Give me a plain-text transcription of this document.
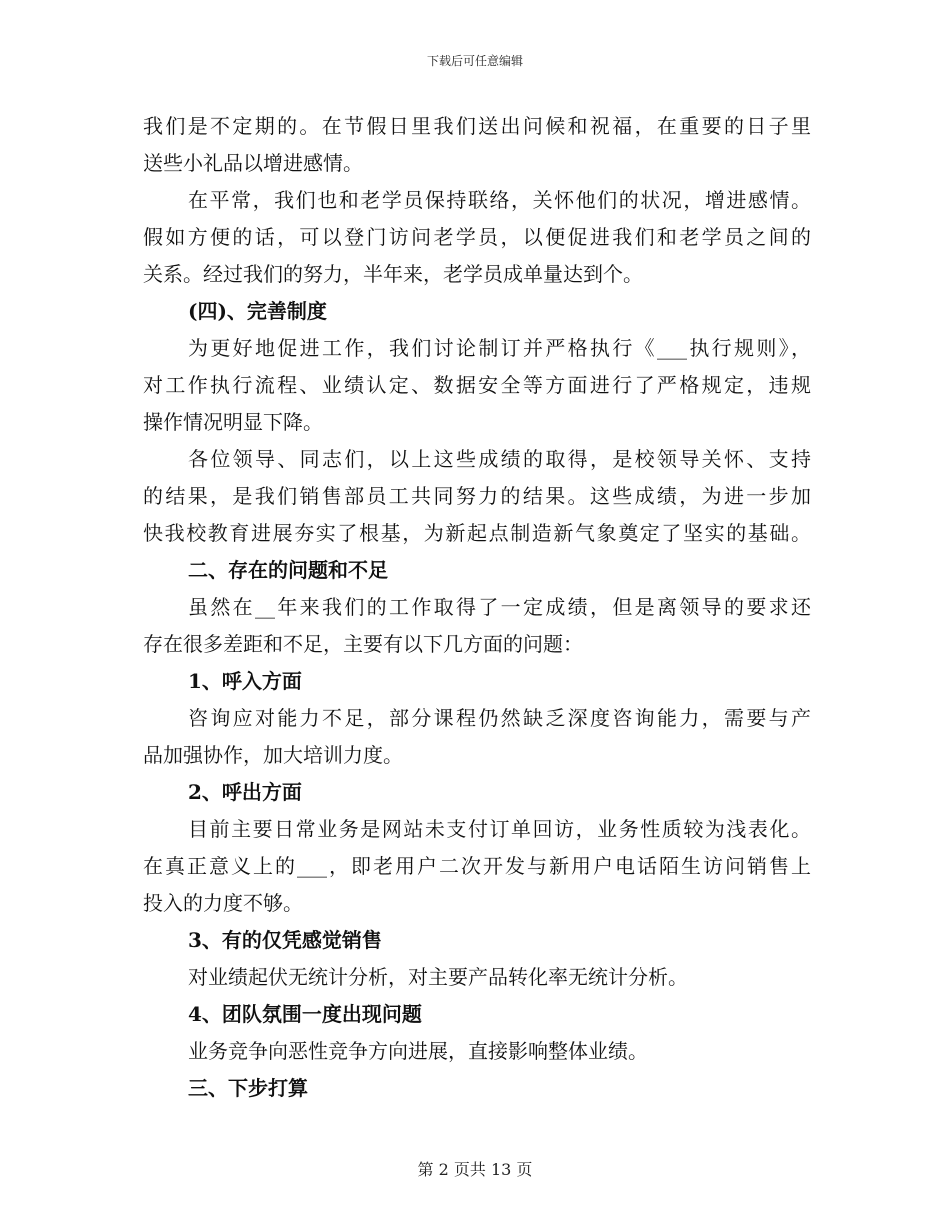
下载后可任意编辑
我们是不定期的。在节假日里我们送出问候和祝福，在重要的日子里
送些小礼品以增进感情。
在平常，我们也和老学员保持联络，关怀他们的状况，增进感情。
假如方便的话，可以登门访问老学员，以便促进我们和老学员之间的
关系。经过我们的努力，半年来，老学员成单量达到个。
(四)、完善制度
为更好地促进工作，我们讨论制订并严格执行《___执行规则》，
对工作执行流程、业绩认定、数据安全等方面进行了严格规定，违规
操作情况明显下降。
各位领导、同志们，以上这些成绩的取得，是校领导关怀、支持
的结果，是我们销售部员工共同努力的结果。这些成绩，为进一步加
快我校教育进展夯实了根基，为新起点制造新气象奠定了坚实的基础。
二、存在的问题和不足
虽然在__年来我们的工作取得了一定成绩，但是离领导的要求还
存在很多差距和不足，主要有以下几方面的问题：
1、呼入方面
咨询应对能力不足，部分课程仍然缺乏深度咨询能力，需要与产
品加强协作，加大培训力度。
2、呼出方面
目前主要日常业务是网站未支付订单回访，业务性质较为浅表化。
在真正意义上的___，即老用户二次开发与新用户电话陌生访问销售上
投入的力度不够。
3、有的仅凭感觉销售
对业绩起伏无统计分析，对主要产品转化率无统计分析。
4、团队氛围一度出现问题
业务竞争向恶性竞争方向进展，直接影响整体业绩。
三、下步打算
第 2 页共 13 页
